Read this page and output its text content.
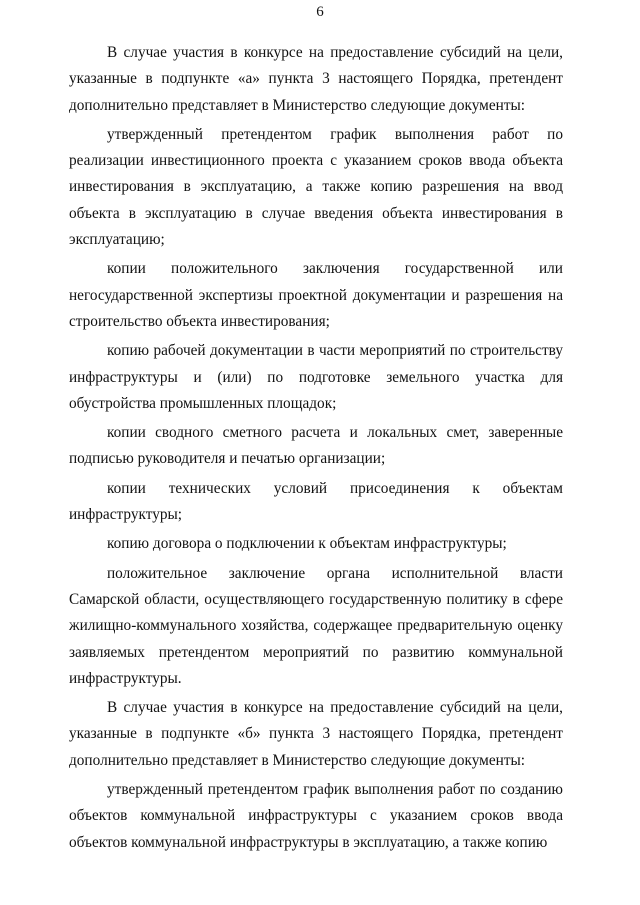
6

В случае участия в конкурсе на предоставление субсидий на цели, указанные в подпункте «а» пункта 3 настоящего Порядка, претендент дополнительно представляет в Министерство следующие документы:

утвержденный претендентом график выполнения работ по реализации инвестиционного проекта с указанием сроков ввода объекта инвестирования в эксплуатацию, а также копию разрешения на ввод объекта в эксплуатацию в случае введения объекта инвестирования в эксплуатацию;

копии положительного заключения государственной или негосударственной экспертизы проектной документации и разрешения на строительство объекта инвестирования;

копию рабочей документации в части мероприятий по строительству инфраструктуры и (или) по подготовке земельного участка для обустройства промышленных площадок;

копии сводного сметного расчета и локальных смет, заверенные подписью руководителя и печатью организации;

копии технических условий присоединения к объектам инфраструктуры;

копию договора о подключении к объектам инфраструктуры;

положительное заключение органа исполнительной власти Самарской области, осуществляющего государственную политику в сфере жилищно-коммунального хозяйства, содержащее предварительную оценку заявляемых претендентом мероприятий по развитию коммунальной инфраструктуры.

В случае участия в конкурсе на предоставление субсидий на цели, указанные в подпункте «б» пункта 3 настоящего Порядка, претендент дополнительно представляет в Министерство следующие документы:

утвержденный претендентом график выполнения работ по созданию объектов коммунальной инфраструктуры с указанием сроков ввода объектов коммунальной инфраструктуры в эксплуатацию, а также копию
